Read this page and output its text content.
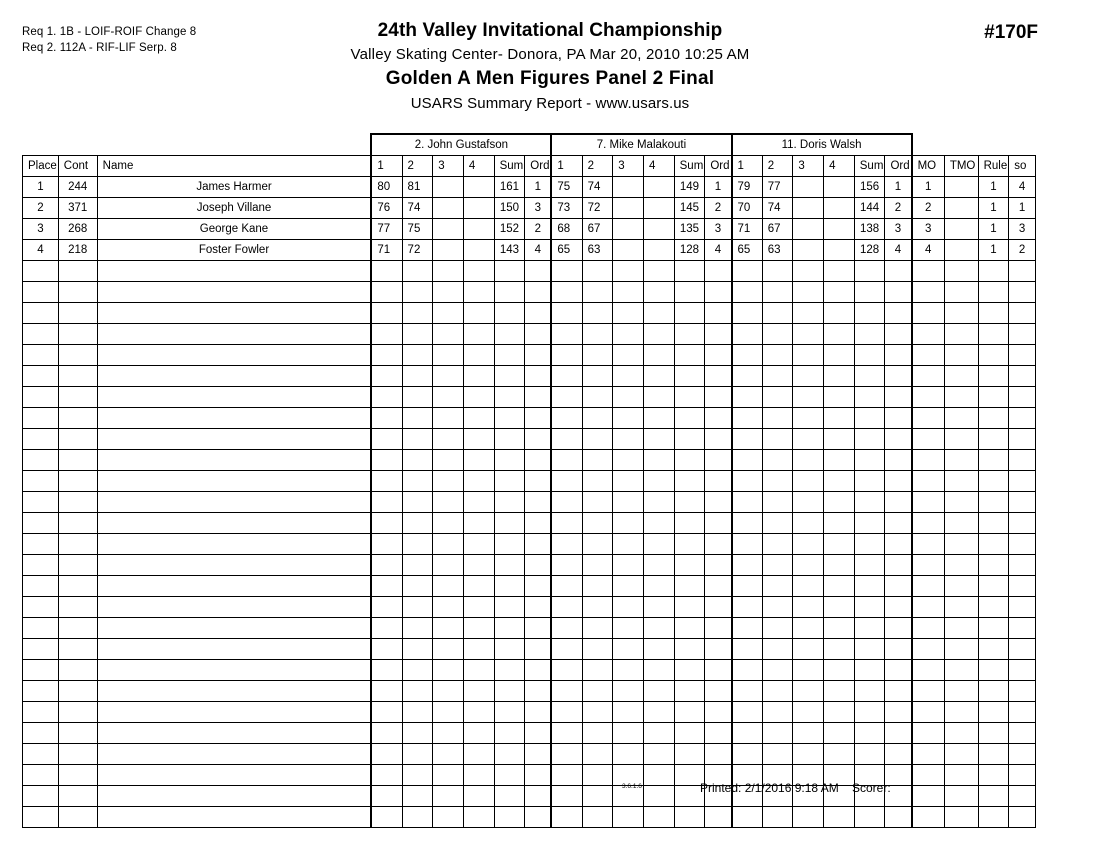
Req 1. 1B - LOIF-ROIF Change 8
Req 2. 112A - RIF-LIF Serp. 8
#170F
24th Valley Invitational Championship
Valley Skating Center- Donora, PA Mar 20, 2010 10:25 AM
Golden A Men Figures Panel 2 Final
USARS Summary Report - www.usars.us
			2. John Gustafson						7. Mike Malakouti						11. Doris Walsh									
Place	Cont	Name	1	2	3	4	Sum	Ord	1	2	3	4	Sum	Ord	1	2	3	4	Sum	Ord	MO	TMO	Rule	so
1	244	James Harmer	80	81			161	1	75	74			149	1	79	77			156	1	1		1	4
2	371	Joseph Villane	76	74			150	3	73	72			145	2	70	74			144	2	2		1	1
3	268	George Kane	77	75			152	2	68	67			135	3	71	67			138	3	3		1	3
4	218	Foster Fowler	71	72			143	4	65	63			128	4	65	63			128	4	4		1	2

3.6.1.6	Printed: 2/1/2016 9:18 AM Scorer:
